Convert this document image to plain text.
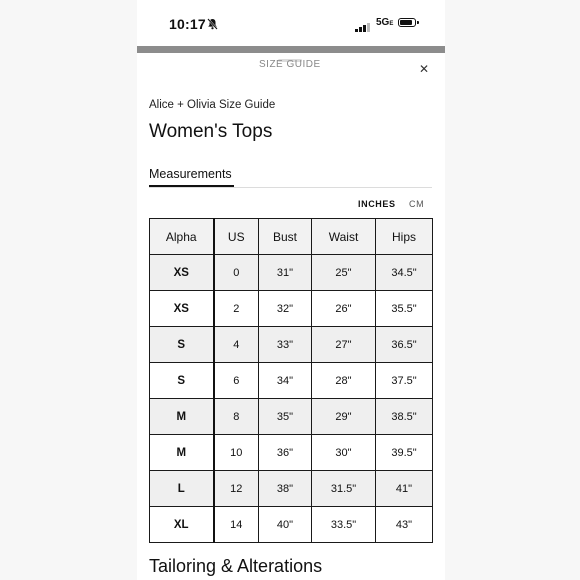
10:17	5GE
SIZE GUIDE	✕
Alice + Olivia Size Guide
Women's Tops
Measurements
INCHES CM
Alpha	US	Bust	Waist	Hips
XS	0	31"	25"	34.5"
XS	2	32"	26"	35.5"
S	4	33"	27"	36.5"
S	6	34"	28"	37.5"
M	8	35"	29"	38.5"
M	10	36"	30"	39.5"
L	12	38"	31.5"	41"
XL	14	40"	33.5"	43"
Tailoring & Alterations
